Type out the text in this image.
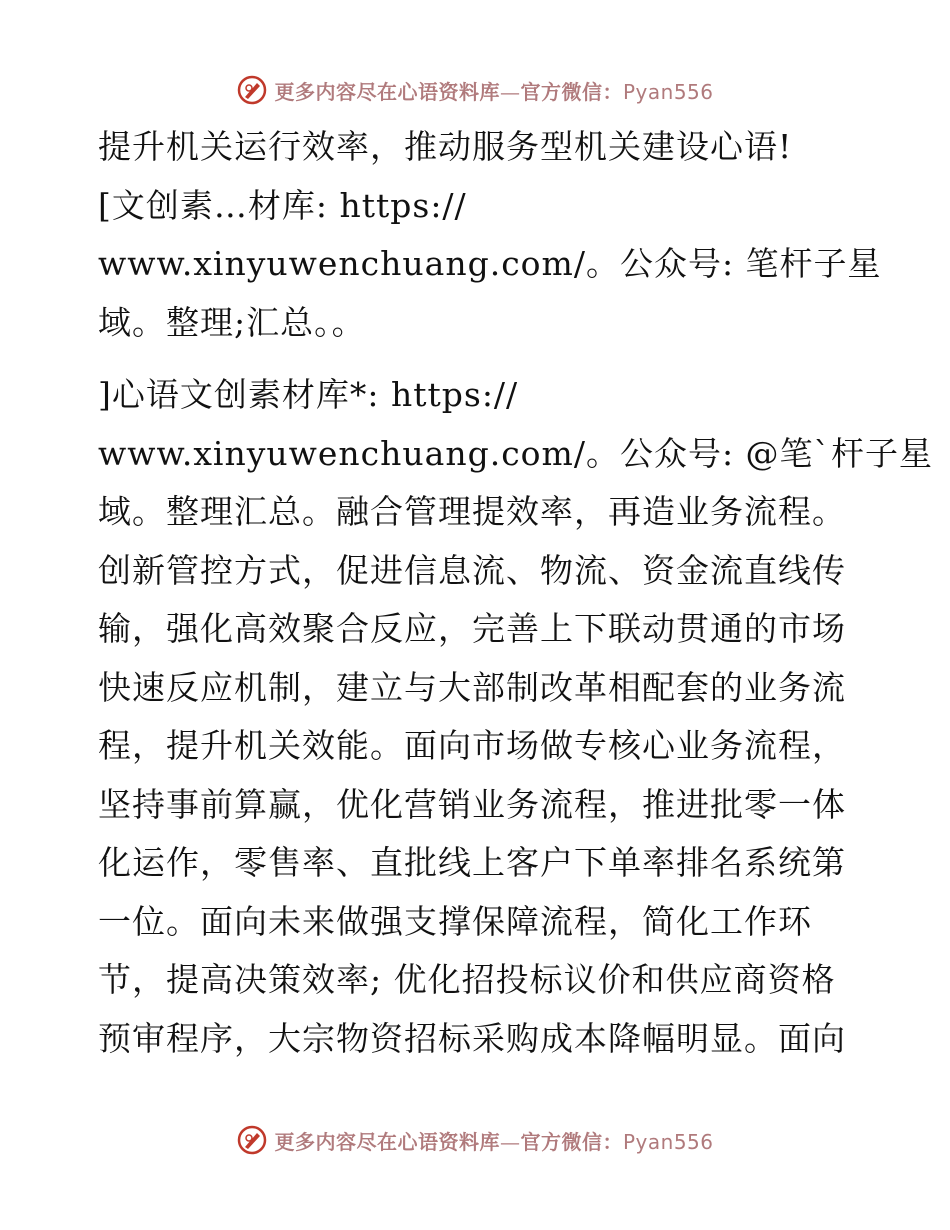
更多内容尽在心语资料库—官方微信：Pyan556
提升机关运行效率，推动服务型机关建设心语!
[文创素…材库: https://
www.xinyuwenchuang.com/。公众号: 笔杆子星
域。整理;汇总。。
]心语文创素材库*: https://
www.xinyuwenchuang.com/。公众号: @笔`杆子星
域。整理汇总。融合管理提效率，再造业务流程。
创新管控方式，促进信息流、物流、资金流直线传
输，强化高效聚合反应，完善上下联动贯通的市场
快速反应机制，建立与大部制改革相配套的业务流
程，提升机关效能。面向市场做专核心业务流程，
坚持事前算赢，优化营销业务流程，推进批零一体
化运作，零售率、直批线上客户下单率排名系统第
一位。面向未来做强支撑保障流程，简化工作环
节，提高决策效率; 优化招投标议价和供应商资格
预审程序，大宗物资招标采购成本降幅明显。面向
更多内容尽在心语资料库—官方微信：Pyan556
